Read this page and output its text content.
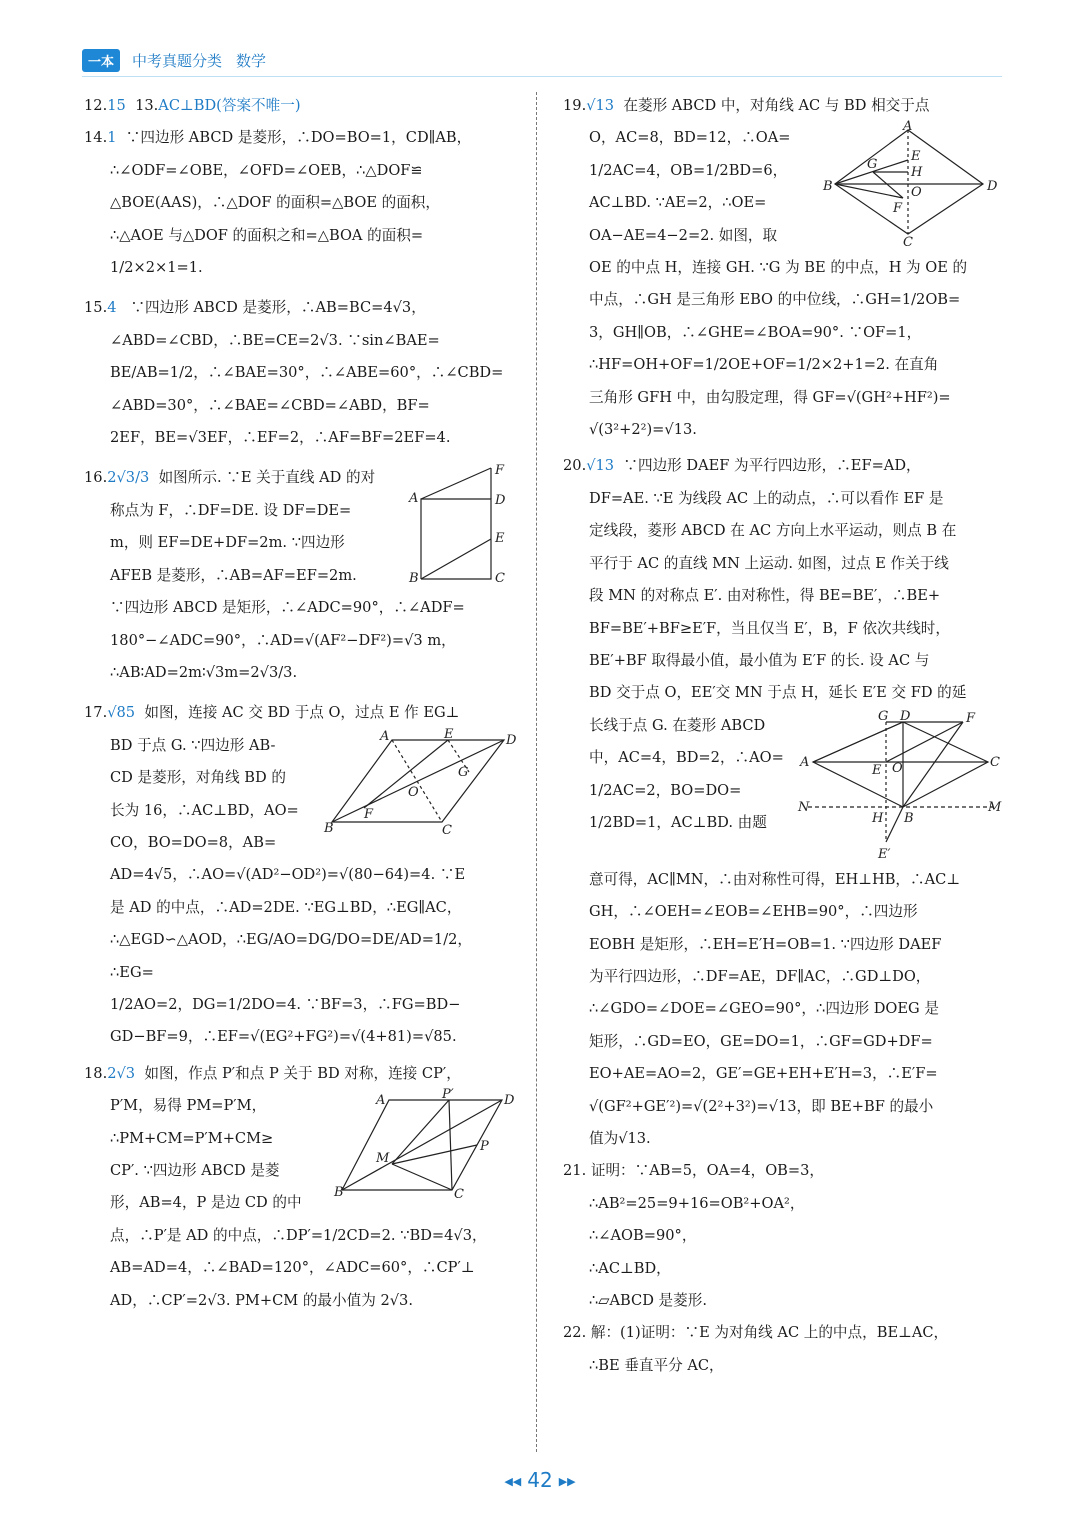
一本	中考真题分类 数学
12.15 13.AC⊥BD(答案不唯一)
14.1 ∵四边形 ABCD 是菱形，∴DO=BO=1，CD∥AB，
∴∠ODF=∠OBE，∠OFD=∠OEB，∴△DOF≌
△BOE(AAS)，∴△DOF 的面积=△BOE 的面积，
∴△AOE 与△DOF 的面积之和=△BOA 的面积=
1/2×2×1=1.
15.4 ∵四边形 ABCD 是菱形，∴AB=BC=4√3，
∠ABD=∠CBD，∴BE=CE=2√3. ∵sin∠BAE=
BE/AB=1/2，∴∠BAE=30°，∴∠ABE=60°，∴∠CBD=
∠ABD=30°，∴∠BAE=∠CBD=∠ABD，BF=
2EF，BE=√3EF，∴EF=2，∴AF=BF=2EF=4.
F
A	D
E
B	C
16.2√3/3 如图所示. ∵E 关于直线 AD 的对
称点为 F，∴DF=DE. 设 DF=DE=
m，则 EF=DE+DF=2m. ∵四边形
AFEB 是菱形，∴AB=AF=EF=2m.
∵四边形 ABCD 是矩形，∴∠ADC=90°，∴∠ADF=
180°−∠ADC=90°，∴AD=√(AF²−DF²)=√3 m，
∴AB∶AD=2m∶√3m=2√3/3.
17.√85 如图，连接 AC 交 BD 于点 O，过点 E 作 EG⊥
A	E	D
G
O
F
B	C
BD 于点 G. ∵四边形 AB-
CD 是菱形，对角线 BD 的
长为 16，∴AC⊥BD，AO=
CO，BO=DO=8，AB=
AD=4√5，∴AO=√(AD²−OD²)=√(80−64)=4. ∵E
是 AD 的中点，∴AD=2DE. ∵EG⊥BD，∴EG∥AC，
∴△EGD∽△AOD，∴EG/AO=DG/DO=DE/AD=1/2，∴EG=
1/2AO=2，DG=1/2DO=4. ∵BF=3，∴FG=BD−
GD−BF=9，∴EF=√(EG²+FG²)=√(4+81)=√85.
18.2√3 如图，作点 P′和点 P 关于 BD 对称，连接 CP′，
A	P′	D
P
M
B	C
P′M，易得 PM=P′M，
∴PM+CM=P′M+CM≥
CP′. ∵四边形 ABCD 是菱
形，AB=4，P 是边 CD 的中
点，∴P′是 AD 的中点，∴DP′=1/2CD=2. ∵BD=4√3，
AB=AD=4，∴∠BAD=120°，∠ADC=60°，∴CP′⊥
AD，∴CP′=2√3. PM+CM 的最小值为 2√3.
19.√13 在菱形 ABCD 中，对角线 AC 与 BD 相交于点
A
G
E
H
B	O	D
F
C
O，AC=8，BD=12，∴OA=
1/2AC=4，OB=1/2BD=6，
AC⊥BD. ∵AE=2，∴OE=
OA−AE=4−2=2. 如图，取
OE 的中点 H，连接 GH. ∵G 为 BE 的中点，H 为 OE 的
中点，∴GH 是三角形 EBO 的中位线，∴GH=1/2OB=
3，GH∥OB，∴∠GHE=∠BOA=90°. ∵OF=1，
∴HF=OH+OF=1/2OE+OF=1/2×2+1=2. 在直角
三角形 GFH 中，由勾股定理，得 GF=√(GH²+HF²)=
√(3²+2²)=√13.
20.√13 ∵四边形 DAEF 为平行四边形，∴EF=AD，
DF=AE. ∵E 为线段 AC 上的动点，∴可以看作 EF 是
定线段，菱形 ABCD 在 AC 方向上水平运动，则点 B 在
平行于 AC 的直线 MN 上运动. 如图，过点 E 作关于线
段 MN 的对称点 E′. 由对称性，得 BE=BE′，∴BE+
BF=BE′+BF≥E′F，当且仅当 E′，B，F 依次共线时，
BE′+BF 取得最小值，最小值为 E′F 的长. 设 AC 与
BD 交于点 O，EE′交 MN 于点 H，延长 E′E 交 FD 的延
G D	F
A
E O	C
N
H B
M
E′
长线于点 G. 在菱形 ABCD
中，AC=4，BD=2，∴AO=
1/2AC=2，BO=DO=
1/2BD=1，AC⊥BD. 由题
意可得，AC∥MN，∴由对称性可得，EH⊥HB，∴AC⊥
GH，∴∠OEH=∠EOB=∠EHB=90°，∴四边形
EOBH 是矩形，∴EH=E′H=OB=1. ∵四边形 DAEF
为平行四边形，∴DF=AE，DF∥AC，∴GD⊥DO，
∴∠GDO=∠DOE=∠GEO=90°，∴四边形 DOEG 是
矩形，∴GD=EO，GE=DO=1，∴GF=GD+DF=
EO+AE=AO=2，GE′=GE+EH+E′H=3，∴E′F=
√(GF²+GE′²)=√(2²+3²)=√13，即 BE+BF 的最小
值为√13.
21. 证明：∵AB=5，OA=4，OB=3，
∴AB²=25=9+16=OB²+OA²，
∴∠AOB=90°，
∴AC⊥BD，
∴▱ABCD 是菱形.
22. 解：(1)证明：∵E 为对角线 AC 上的中点，BE⊥AC，
∴BE 垂直平分 AC，
◀◀ 42 ▶▶
